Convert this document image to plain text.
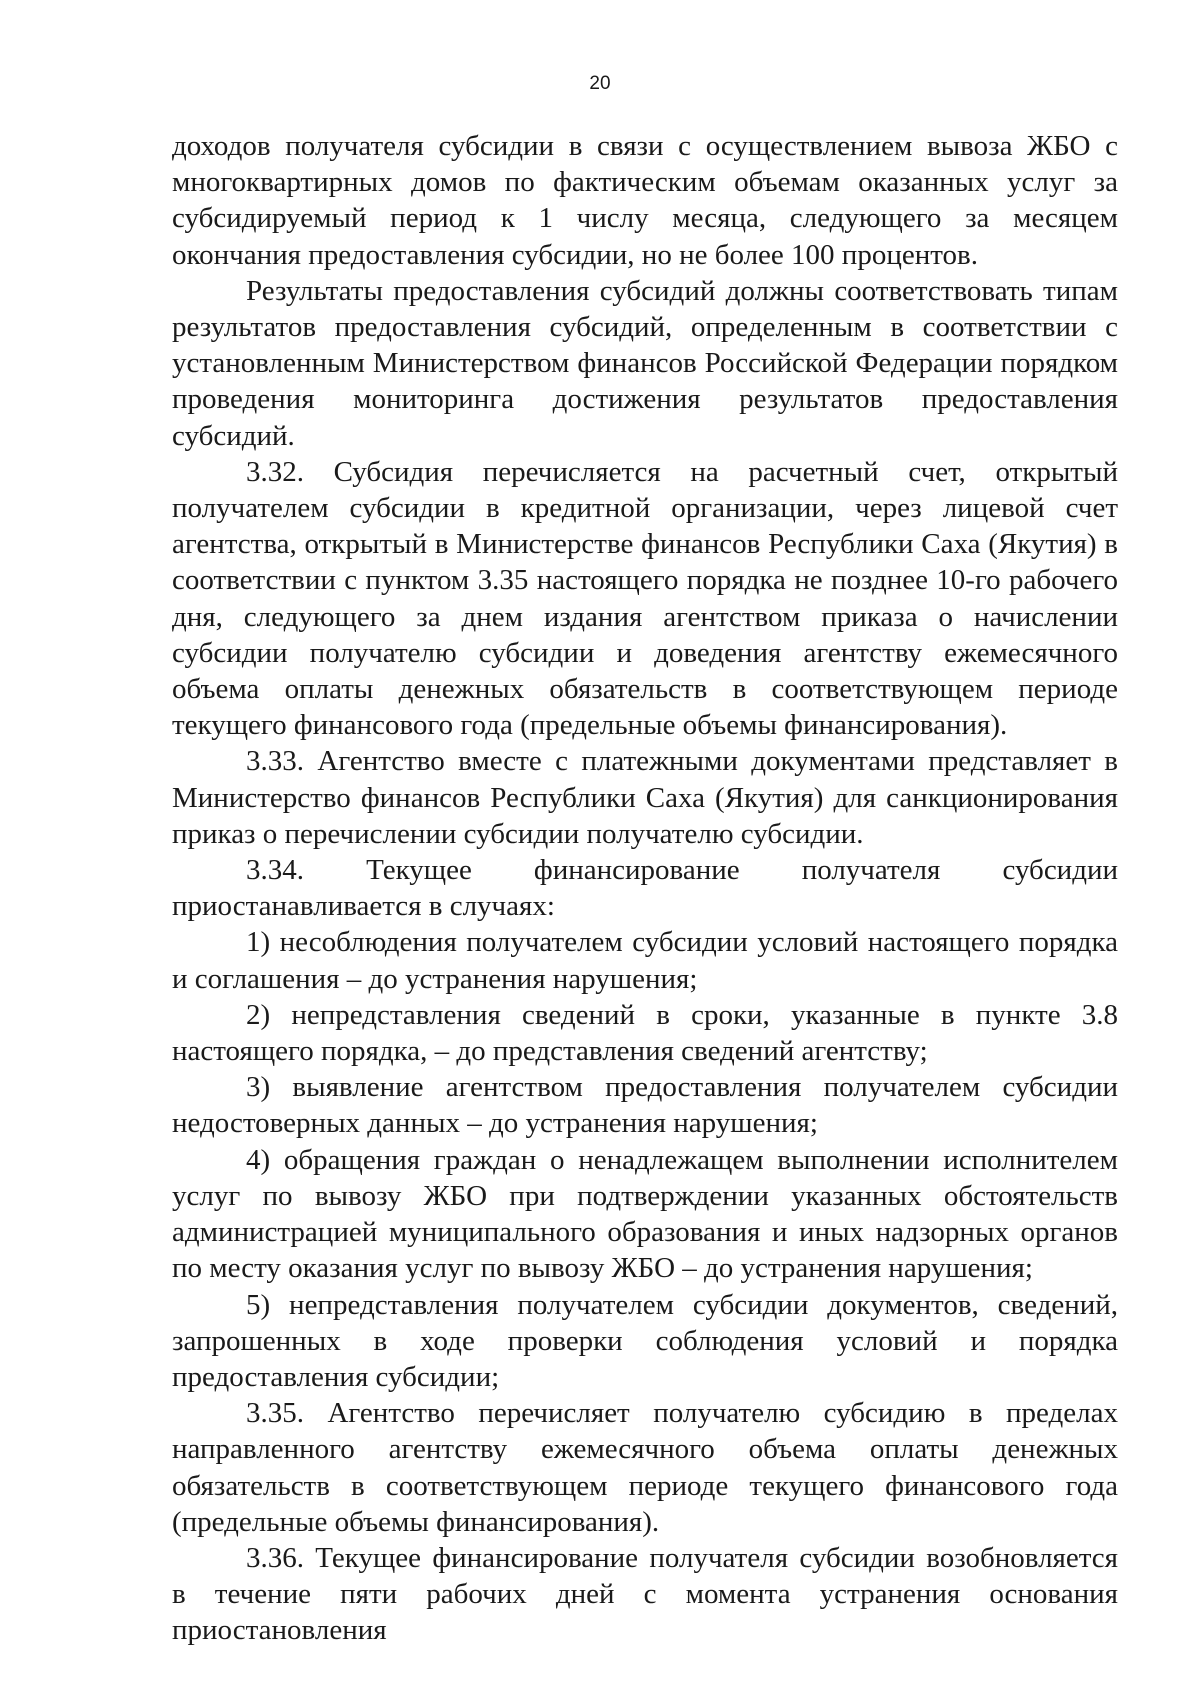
20

доходов получателя субсидии в связи с осуществлением вывоза ЖБО с многоквартирных домов по фактическим объемам оказанных услуг за субсидируемый период к 1 числу месяца, следующего за месяцем окончания предоставления субсидии, но не более 100 процентов.

Результаты предоставления субсидий должны соответствовать типам результатов предоставления субсидий, определенным в соответствии с установленным Министерством финансов Российской Федерации порядком проведения мониторинга достижения результатов предоставления субсидий.

3.32. Субсидия перечисляется на расчетный счет, открытый получателем субсидии в кредитной организации, через лицевой счет агентства, открытый в Министерстве финансов Республики Саха (Якутия) в соответствии с пунктом 3.35 настоящего порядка не позднее 10-го рабочего дня, следующего за днем издания агентством приказа о начислении субсидии получателю субсидии и доведения агентству ежемесячного объема оплаты денежных обязательств в соответствующем периоде текущего финансового года (предельные объемы финансирования).

3.33. Агентство вместе с платежными документами представляет в Министерство финансов Республики Саха (Якутия) для санкционирования приказ о перечислении субсидии получателю субсидии.

3.34. Текущее финансирование получателя субсидии приостанавливается в случаях:

1) несоблюдения получателем субсидии условий настоящего порядка и соглашения – до устранения нарушения;

2) непредставления сведений в сроки, указанные в пункте 3.8 настоящего порядка, – до представления сведений агентству;

3) выявление агентством предоставления получателем субсидии недостоверных данных – до устранения нарушения;

4) обращения граждан о ненадлежащем выполнении исполнителем услуг по вывозу ЖБО при подтверждении указанных обстоятельств администрацией муниципального образования и иных надзорных органов по месту оказания услуг по вывозу ЖБО – до устранения нарушения;

5) непредставления получателем субсидии документов, сведений, запрошенных в ходе проверки соблюдения условий и порядка предоставления субсидии;

3.35. Агентство перечисляет получателю субсидию в пределах направленного агентству ежемесячного объема оплаты денежных обязательств в соответствующем периоде текущего финансового года (предельные объемы финансирования).

3.36. Текущее финансирование получателя субсидии возобновляется в течение пяти рабочих дней с момента устранения основания приостановления
